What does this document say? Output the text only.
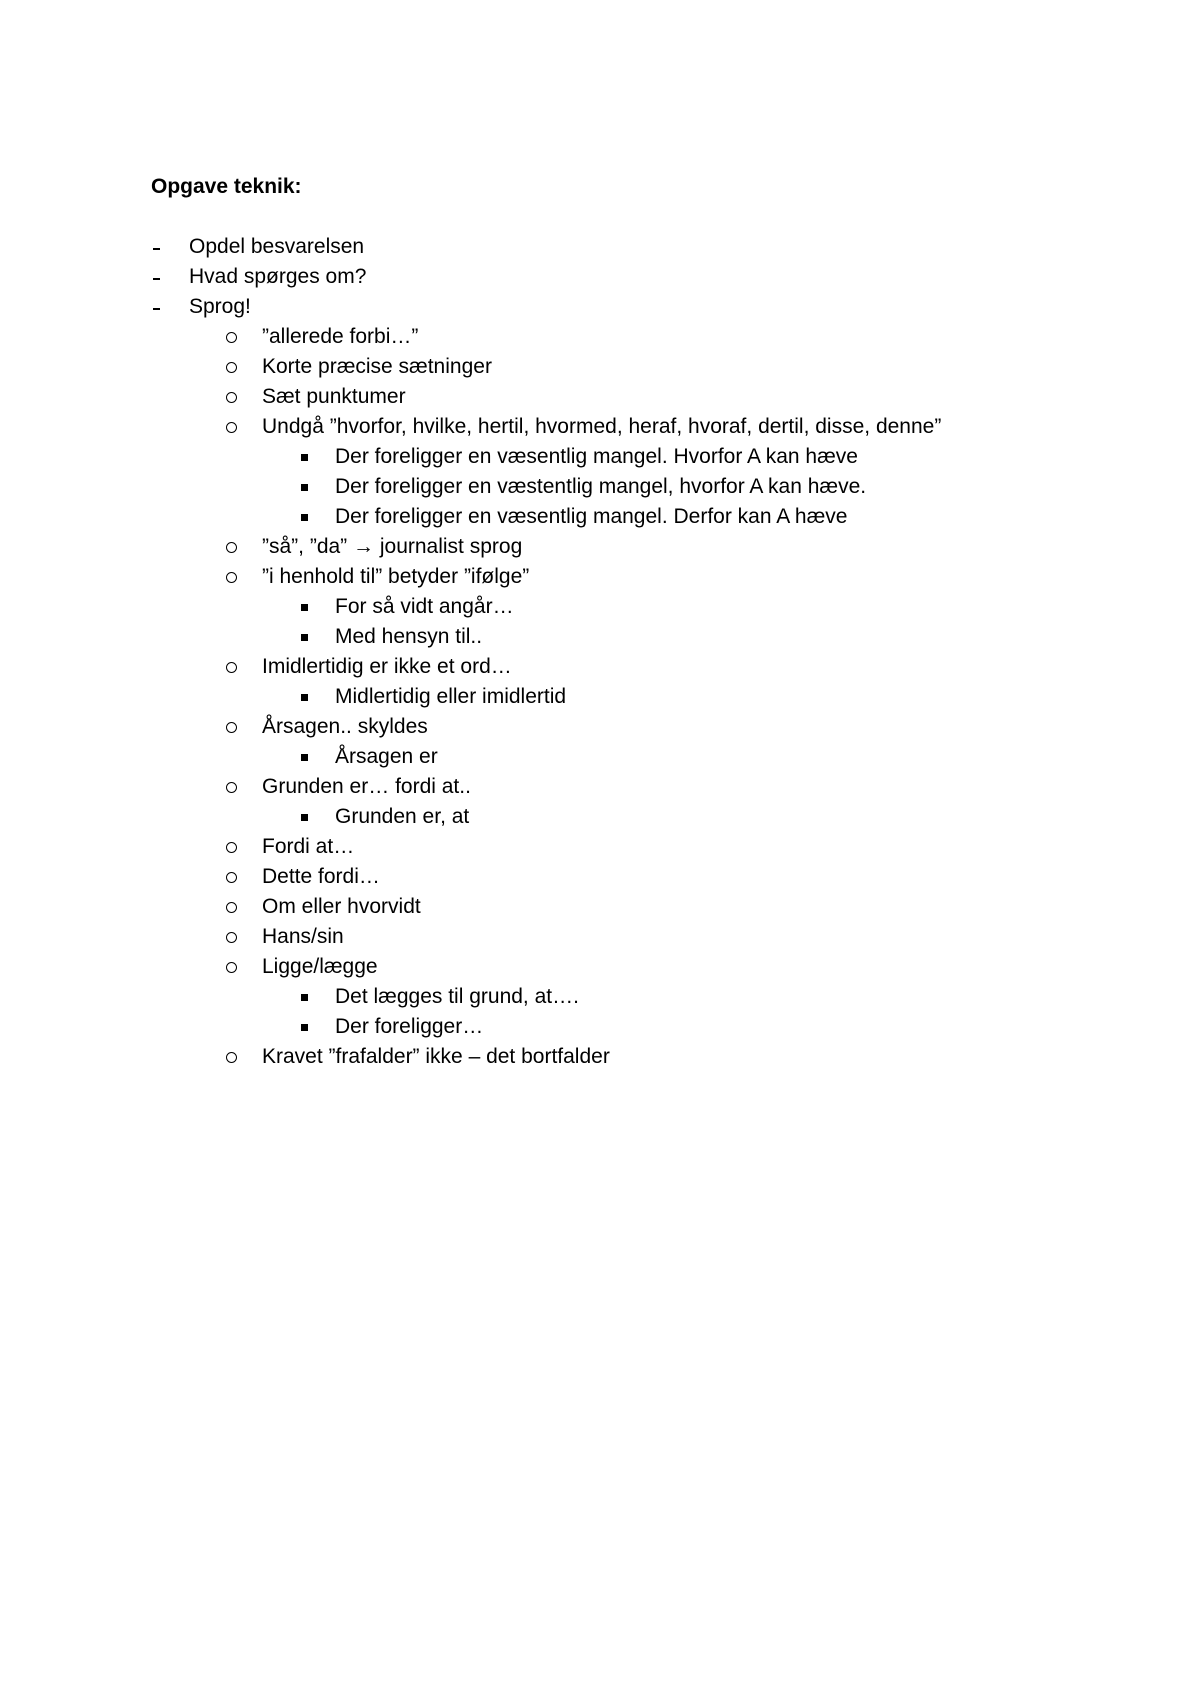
Opgave teknik:
Opdel besvarelsen
Hvad spørges om?
Sprog!
”allerede forbi…”
Korte præcise sætninger
Sæt punktumer
Undgå ”hvorfor, hvilke, hertil, hvormed, heraf, hvoraf, dertil, disse, denne”
Der foreligger en væsentlig mangel. Hvorfor A kan hæve
Der foreligger en væstentlig mangel, hvorfor A kan hæve.
Der foreligger en væsentlig mangel. Derfor kan A hæve
”så”, ”da” → journalist sprog
”i henhold til” betyder ”ifølge”
For så vidt angår…
Med hensyn til..
Imidlertidig er ikke et ord…
Midlertidig eller imidlertid
Årsagen.. skyldes
Årsagen er
Grunden er… fordi at..
Grunden er, at
Fordi at…
Dette fordi…
Om eller hvorvidt
Hans/sin
Ligge/lægge
Det lægges til grund, at….
Der foreligger…
Kravet ”frafalder” ikke – det bortfalder
